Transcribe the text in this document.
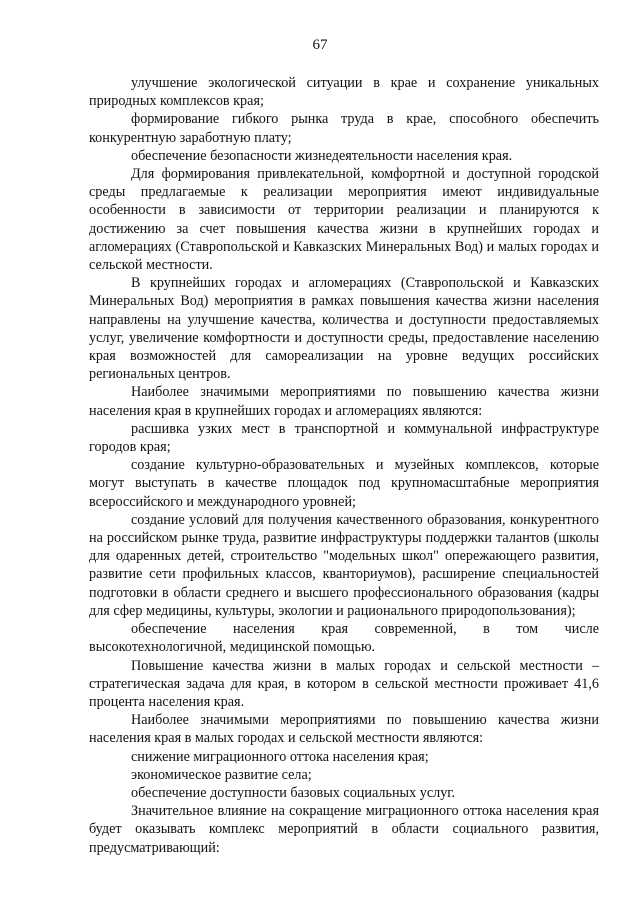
67

улучшение экологической ситуации в крае и сохранение уникальных природных комплексов края;

формирование гибкого рынка труда в крае, способного обеспечить конкурентную заработную плату;

обеспечение безопасности жизнедеятельности населения края.

Для формирования привлекательной, комфортной и доступной городской среды предлагаемые к реализации мероприятия имеют индивидуальные особенности в зависимости от территории реализации и планируются к достижению за счет повышения качества жизни в крупнейших городах и агломерациях (Ставропольской и Кавказских Минеральных Вод) и малых городах и сельской местности.

В крупнейших городах и агломерациях (Ставропольской и Кавказских Минеральных Вод) мероприятия в рамках повышения качества жизни населения направлены на улучшение качества, количества и доступности предоставляемых услуг, увеличение комфортности и доступности среды, предоставление населению края возможностей для самореализации на уровне ведущих российских региональных центров.

Наиболее значимыми мероприятиями по повышению качества жизни населения края в крупнейших городах и агломерациях являются:

расшивка узких мест в транспортной и коммунальной инфраструктуре городов края;

создание культурно-образовательных и музейных комплексов, которые могут выступать в качестве площадок под крупномасштабные мероприятия всероссийского и международного уровней;

создание условий для получения качественного образования, конкурентного на российском рынке труда, развитие инфраструктуры поддержки талантов (школы для одаренных детей, строительство "модельных школ" опережающего развития, развитие сети профильных классов, кванториумов), расширение специальностей подготовки в области среднего и высшего профессионального образования (кадры для сфер медицины, культуры, экологии и рационального природопользования);

обеспечение населения края современной, в том числе высокотехнологичной, медицинской помощью.

Повышение качества жизни в малых городах и сельской местности – стратегическая задача для края, в котором в сельской местности проживает 41,6 процента населения края.

Наиболее значимыми мероприятиями по повышению качества жизни населения края в малых городах и сельской местности являются:

снижение миграционного оттока населения края;

экономическое развитие села;

обеспечение доступности базовых социальных услуг.

Значительное влияние на сокращение миграционного оттока населения края будет оказывать комплекс мероприятий в области социального развития, предусматривающий:
